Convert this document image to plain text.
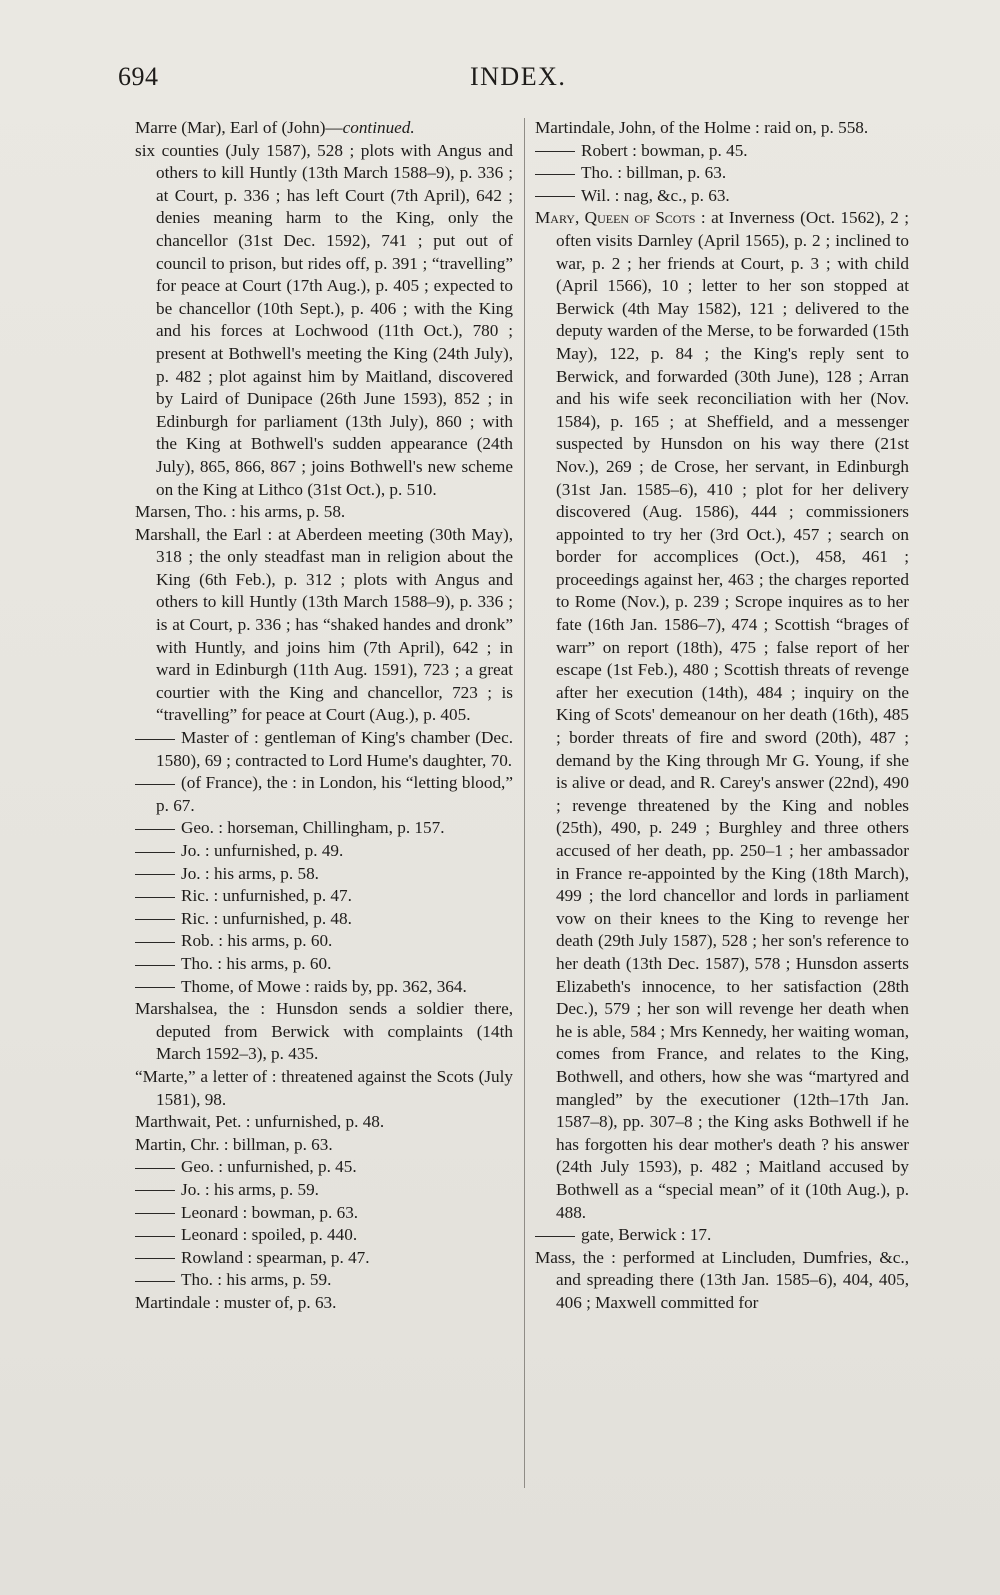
694	INDEX.

Marre (Mar), Earl of (John)—continued.

six counties (July 1587), 528 ; plots with Angus and others to kill Huntly (13th March 1588–9), p. 336 ; at Court, p. 336 ; has left Court (7th April), 642 ; denies meaning harm to the King, only the chancellor (31st Dec. 1592), 741 ; put out of council to prison, but rides off, p. 391 ; “travelling” for peace at Court (17th Aug.), p. 405 ; expected to be chancellor (10th Sept.), p. 406 ; with the King and his forces at Lochwood (11th Oct.), 780 ; present at Bothwell's meeting the King (24th July), p. 482 ; plot against him by Maitland, discovered by Laird of Dunipace (26th June 1593), 852 ; in Edinburgh for parliament (13th July), 860 ; with the King at Bothwell's sudden appearance (24th July), 865, 866, 867 ; joins Bothwell's new scheme on the King at Lithco (31st Oct.), p. 510.

Marsen, Tho. : his arms, p. 58.

Marshall, the Earl : at Aberdeen meeting (30th May), 318 ; the only steadfast man in religion about the King (6th Feb.), p. 312 ; plots with Angus and others to kill Huntly (13th March 1588–9), p. 336 ; is at Court, p. 336 ; has “shaked handes and dronk” with Huntly, and joins him (7th April), 642 ; in ward in Edinburgh (11th Aug. 1591), 723 ; a great courtier with the King and chancellor, 723 ; is “travelling” for peace at Court (Aug.), p. 405.

Master of : gentleman of King's chamber (Dec. 1580), 69 ; contracted to Lord Hume's daughter, 70.

(of France), the : in London, his “letting blood,” p. 67.

Geo. : horseman, Chillingham, p. 157.

Jo. : unfurnished, p. 49.

Jo. : his arms, p. 58.

Ric. : unfurnished, p. 47.

Ric. : unfurnished, p. 48.

Rob. : his arms, p. 60.

Tho. : his arms, p. 60.

Thome, of Mowe : raids by, pp. 362, 364.

Marshalsea, the : Hunsdon sends a soldier there, deputed from Berwick with complaints (14th March 1592–3), p. 435.

“Marte,” a letter of : threatened against the Scots (July 1581), 98.

Marthwait, Pet. : unfurnished, p. 48.

Martin, Chr. : billman, p. 63.

Geo. : unfurnished, p. 45.

Jo. : his arms, p. 59.

Leonard : bowman, p. 63.

Leonard : spoiled, p. 440.

Rowland : spearman, p. 47.

Tho. : his arms, p. 59.

Martindale : muster of, p. 63.

Martindale, John, of the Holme : raid on, p. 558.

Robert : bowman, p. 45.

Tho. : billman, p. 63.

Wil. : nag, &c., p. 63.

Mary, Queen of Scots : at Inverness (Oct. 1562), 2 ; often visits Darnley (April 1565), p. 2 ; inclined to war, p. 2 ; her friends at Court, p. 3 ; with child (April 1566), 10 ; letter to her son stopped at Berwick (4th May 1582), 121 ; delivered to the deputy warden of the Merse, to be forwarded (15th May), 122, p. 84 ; the King's reply sent to Berwick, and forwarded (30th June), 128 ; Arran and his wife seek reconciliation with her (Nov. 1584), p. 165 ; at Sheffield, and a messenger suspected by Hunsdon on his way there (21st Nov.), 269 ; de Crose, her servant, in Edinburgh (31st Jan. 1585–6), 410 ; plot for her delivery discovered (Aug. 1586), 444 ; commissioners appointed to try her (3rd Oct.), 457 ; search on border for accomplices (Oct.), 458, 461 ; proceedings against her, 463 ; the charges reported to Rome (Nov.), p. 239 ; Scrope inquires as to her fate (16th Jan. 1586–7), 474 ; Scottish “brages of warr” on report (18th), 475 ; false report of her escape (1st Feb.), 480 ; Scottish threats of revenge after her execution (14th), 484 ; inquiry on the King of Scots' demeanour on her death (16th), 485 ; border threats of fire and sword (20th), 487 ; demand by the King through Mr G. Young, if she is alive or dead, and R. Carey's answer (22nd), 490 ; revenge threatened by the King and nobles (25th), 490, p. 249 ; Burghley and three others accused of her death, pp. 250–1 ; her ambassador in France re-appointed by the King (18th March), 499 ; the lord chancellor and lords in parliament vow on their knees to the King to revenge her death (29th July 1587), 528 ; her son's reference to her death (13th Dec. 1587), 578 ; Hunsdon asserts Elizabeth's innocence, to her satisfaction (28th Dec.), 579 ; her son will revenge her death when he is able, 584 ; Mrs Kennedy, her waiting woman, comes from France, and relates to the King, Bothwell, and others, how she was “martyred and mangled” by the executioner (12th–17th Jan. 1587–8), pp. 307–8 ; the King asks Bothwell if he has forgotten his dear mother's death ? his answer (24th July 1593), p. 482 ; Maitland accused by Bothwell as a “special mean” of it (10th Aug.), p. 488.

gate, Berwick : 17.

Mass, the : performed at Lincluden, Dumfries, &c., and spreading there (13th Jan. 1585–6), 404, 405, 406 ; Maxwell committed for
